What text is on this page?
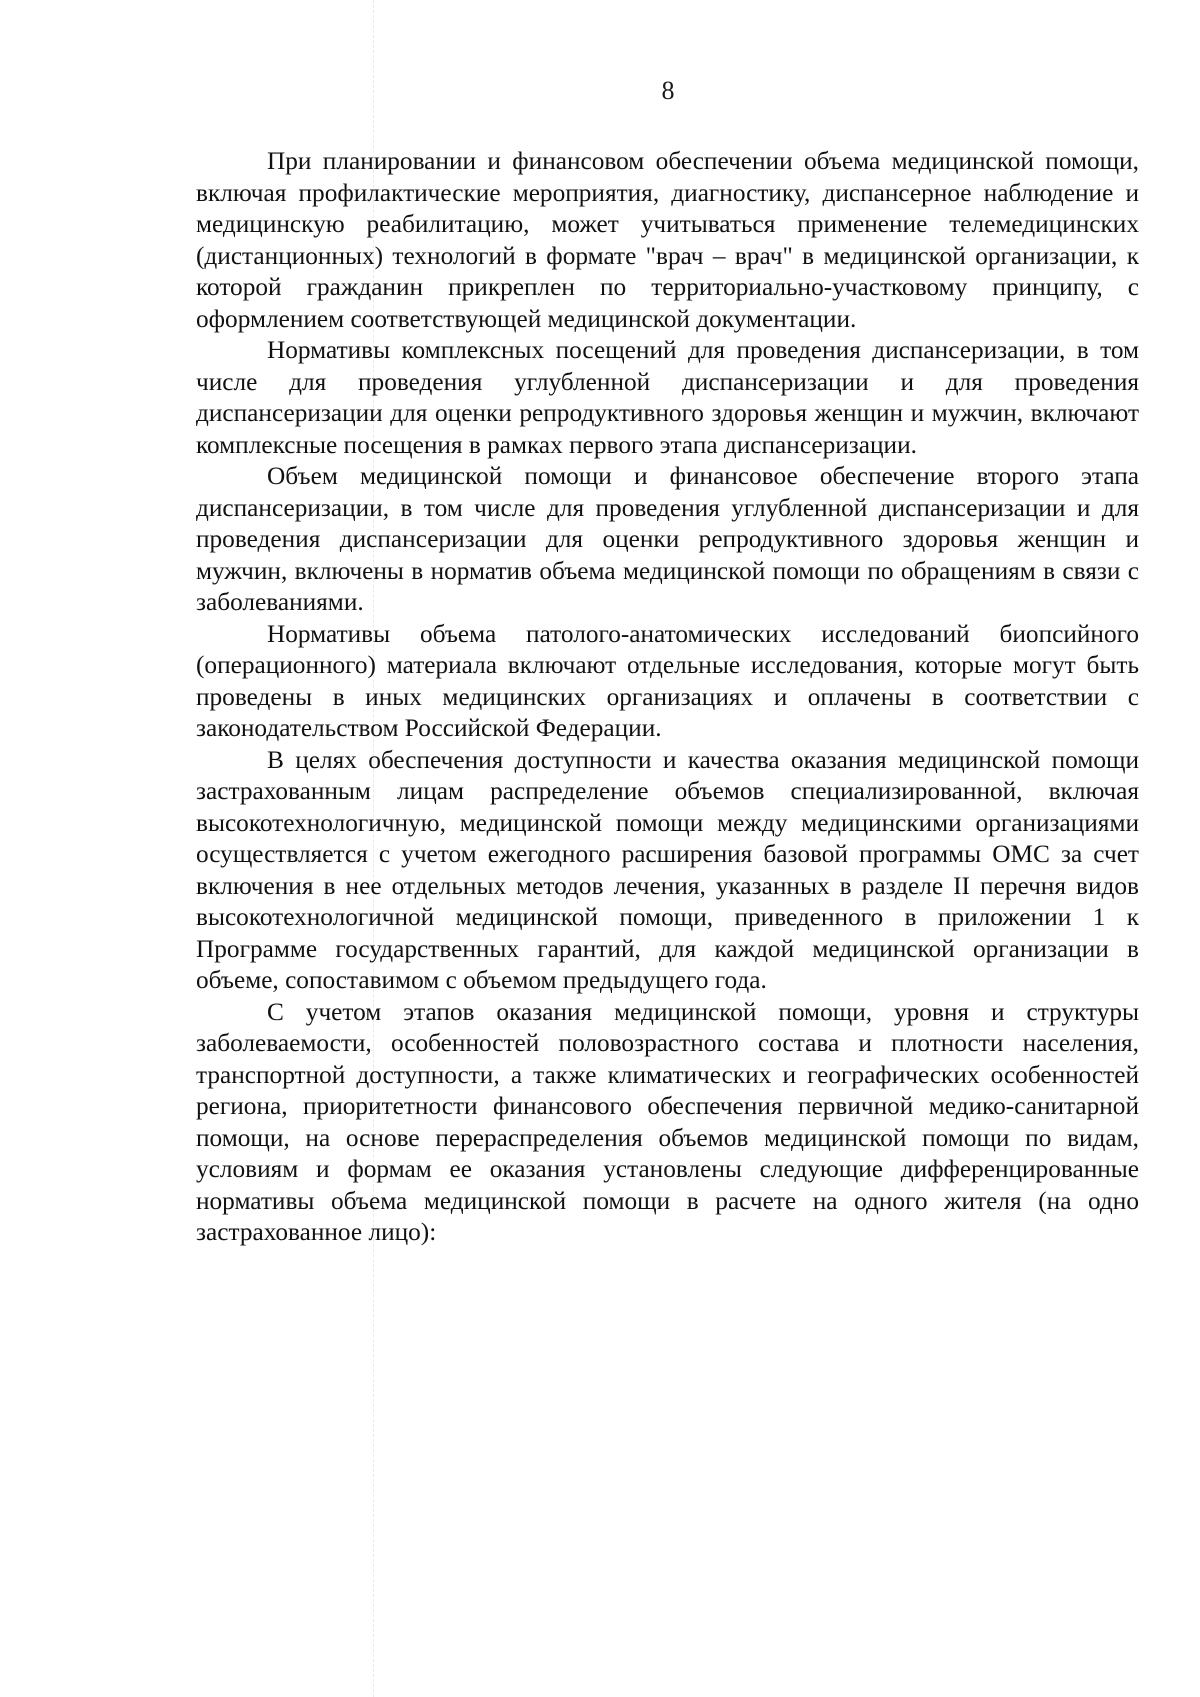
8

При планировании и финансовом обеспечении объема медицинской помощи, включая профилактические мероприятия, диагностику, диспансерное наблюдение и медицинскую реабилитацию, может учитываться применение телемедицинских (дистанционных) технологий в формате "врач – врач" в медицинской организации, к которой гражданин прикреплен по территориально-участковому принципу, с оформлением соответствующей медицинской документации.

Нормативы комплексных посещений для проведения диспансеризации, в том числе для проведения углубленной диспансеризации и для проведения диспансеризации для оценки репродуктивного здоровья женщин и мужчин, включают комплексные посещения в рамках первого этапа диспансеризации.

Объем медицинской помощи и финансовое обеспечение второго этапа диспансеризации, в том числе для проведения углубленной диспансеризации и для проведения диспансеризации для оценки репродуктивного здоровья женщин и мужчин, включены в норматив объема медицинской помощи по обращениям в связи с заболеваниями.

Нормативы объема патолого-анатомических исследований биопсийного (операционного) материала включают отдельные исследования, которые могут быть проведены в иных медицинских организациях и оплачены в соответствии с законодательством Российской Федерации.

В целях обеспечения доступности и качества оказания медицинской помощи застрахованным лицам распределение объемов специализированной, включая высокотехнологичную, медицинской помощи между медицинскими организациями осуществляется с учетом ежегодного расширения базовой программы ОМС за счет включения в нее отдельных методов лечения, указанных в разделе II перечня видов высокотехнологичной медицинской помощи, приведенного в приложении 1 к Программе государственных гарантий, для каждой медицинской организации в объеме, сопоставимом с объемом предыдущего года.

С учетом этапов оказания медицинской помощи, уровня и структуры заболеваемости, особенностей половозрастного состава и плотности населения, транспортной доступности, а также климатических и географических особенностей региона, приоритетности финансового обеспечения первичной медико-санитарной помощи, на основе перераспределения объемов медицинской помощи по видам, условиям и формам ее оказания установлены следующие дифференцированные нормативы объема медицинской помощи в расчете на одного жителя (на одно застрахованное лицо):
